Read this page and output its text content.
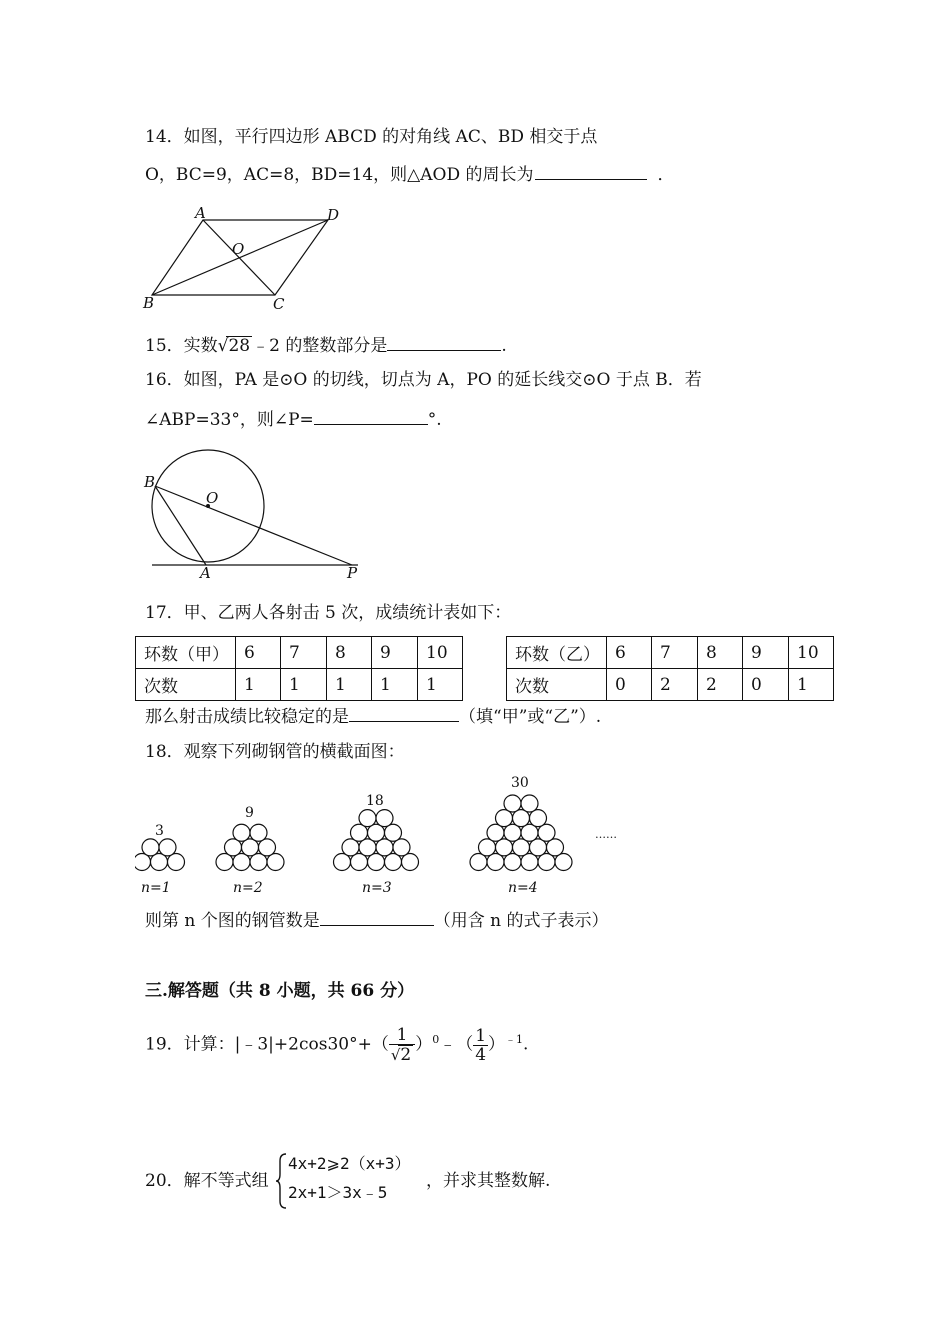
14．如图，平行四边形 ABCD 的对角线 AC、BD 相交于点
O，BC=9，AC=8，BD=14，则△AOD 的周长为	．
A	D
O
B	C
15．实数√28 ﹣2 的整数部分是	.
16．如图，PA 是⊙O 的切线，切点为 A，PO 的延长线交⊙O 于点 B．若
∠ABP=33°，则∠P=	°.
B
O
A	P
17．甲、乙两人各射击 5 次，成绩统计表如下：
环数（甲）	6	7	8	9	10
次数	1	1	1	1	1
环数（乙）	6	7	8	9	10
次数	0	2	2	0	1
那么射击成绩比较稳定的是	（填“甲”或“乙”）.
18．观察下列砌钢管的横截面图：
3
9
18
30
……
n=1	n=2	n=3	n=4
则第 n 个图的钢管数是	（用含 n 的式子表示）
三.解答题（共 8 小题，共 66 分）
19．计算：|﹣3|+2cos30°+（ $\frac{1}{√2}$ ）$^0$﹣（ $\frac{1}{4} )^{﹣1}$.
20．解不等式组
4x+2⩾2（x+3）
2x+1＞3x﹣5
，并求其整数解.
